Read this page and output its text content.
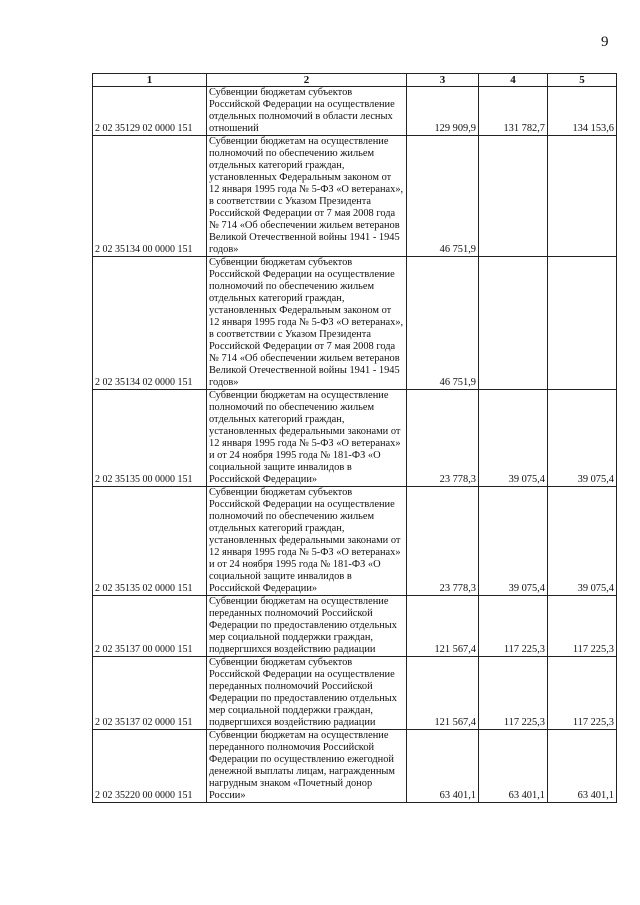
9
1	2	3	4	5
2 02 35129 02 0000 151	Субвенции бюджетам субъектов Российской Федерации на осуществление отдельных полномочий в области лесных отношений	129 909,9	131 782,7	134 153,6
2 02 35134 00 0000 151	Субвенции бюджетам на осуществление полномочий по обеспечению жильем отдельных категорий граждан, установленных Федеральным законом от 12 января 1995 года № 5-ФЗ «О ветеранах», в соответствии с Указом Президента Российской Федерации от 7 мая 2008 года № 714 «Об обеспечении жильем ветеранов Великой Отечественной войны 1941 - 1945 годов»	46 751,9		
2 02 35134 02 0000 151	Субвенции бюджетам субъектов Российской Федерации на осуществление полномочий по обеспечению жильем отдельных категорий граждан, установленных Федеральным законом от 12 января 1995 года № 5-ФЗ «О ветеранах», в соответствии с Указом Президента Российской Федерации от 7 мая 2008 года № 714 «Об обеспечении жильем ветеранов Великой Отечественной войны 1941 - 1945 годов»	46 751,9		
2 02 35135 00 0000 151	Субвенции бюджетам на осуществление полномочий по обеспечению жильем отдельных категорий граждан, установленных федеральными законами от 12 января 1995 года № 5-ФЗ «О ветеранах» и от 24 ноября 1995 года № 181-ФЗ «О социальной защите инвалидов в Российской Федерации»	23 778,3	39 075,4	39 075,4
2 02 35135 02 0000 151	Субвенции бюджетам субъектов Российской Федерации на осуществление полномочий по обеспечению жильем отдельных категорий граждан, установленных федеральными законами от 12 января 1995 года № 5-ФЗ «О ветеранах» и от 24 ноября 1995 года № 181-ФЗ «О социальной защите инвалидов в Российской Федерации»	23 778,3	39 075,4	39 075,4
2 02 35137 00 0000 151	Субвенции бюджетам на осуществление переданных полномочий Российской Федерации по предоставлению отдельных мер социальной поддержки граждан, подвергшихся воздействию радиации	121 567,4	117 225,3	117 225,3
2 02 35137 02 0000 151	Субвенции бюджетам субъектов Российской Федерации на осуществление переданных полномочий Российской Федерации по предоставлению отдельных мер социальной поддержки граждан, подвергшихся воздействию радиации	121 567,4	117 225,3	117 225,3
2 02 35220 00 0000 151	Субвенции бюджетам на осуществление переданного полномочия Российской Федерации по осуществлению ежегодной денежной выплаты лицам, награжденным нагрудным знаком «Почетный донор России»	63 401,1	63 401,1	63 401,1
